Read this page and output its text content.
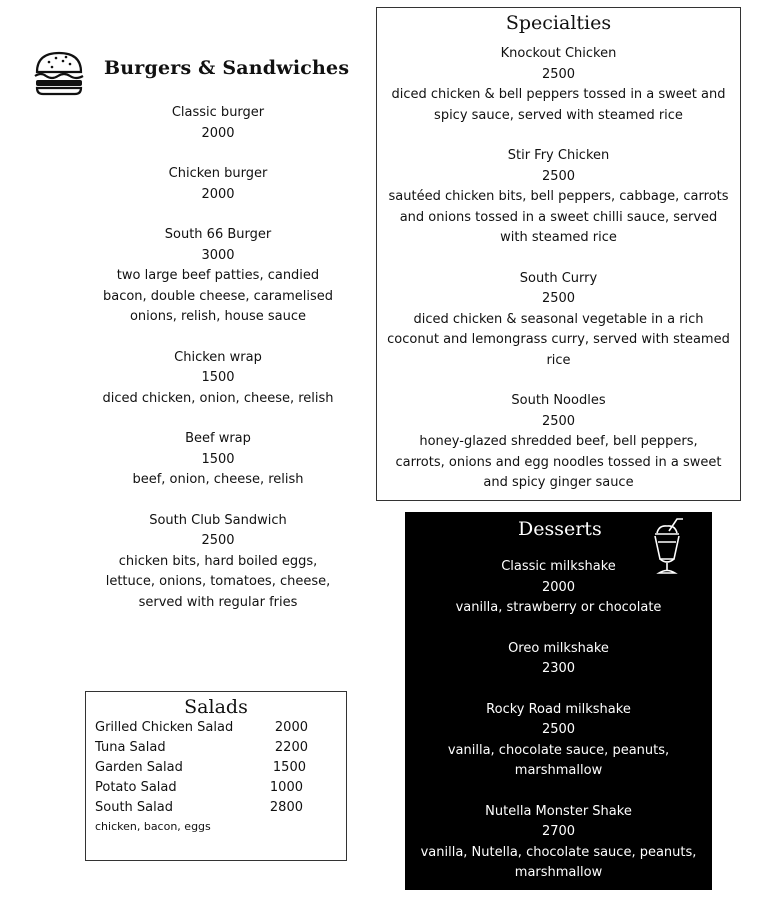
Burgers & Sandwiches
Classic burger
2000
Chicken burger
2000
South 66 Burger
3000
two large beef patties, candied bacon, double cheese, caramelised onions, relish, house sauce
Chicken wrap
1500
diced chicken, onion, cheese, relish
Beef wrap
1500
beef, onion, cheese, relish
South Club Sandwich
2500
chicken bits, hard boiled eggs, lettuce, onions, tomatoes, cheese, served with regular fries
Specialties
Knockout Chicken
2500
diced chicken & bell peppers tossed in a sweet and spicy sauce, served with steamed rice
Stir Fry Chicken
2500
sautéed chicken bits, bell peppers, cabbage, carrots and onions tossed in a sweet chilli sauce, served with steamed rice
South Curry
2500
diced chicken & seasonal vegetable in a rich coconut and lemongrass curry, served with steamed rice
South Noodles
2500
honey-glazed shredded beef, bell peppers, carrots, onions and egg noodles tossed in a sweet and spicy ginger sauce
Salads
Grilled Chicken Salad	2000
Tuna Salad	2200
Garden Salad	1500
Potato Salad	1000
South Salad	2800
chicken, bacon, eggs
Desserts
Classic milkshake
2000
vanilla, strawberry or chocolate
Oreo milkshake
2300
Rocky Road milkshake
2500
vanilla, chocolate sauce, peanuts, marshmallow
Nutella Monster Shake
2700
vanilla, Nutella, chocolate sauce, peanuts, marshmallow
